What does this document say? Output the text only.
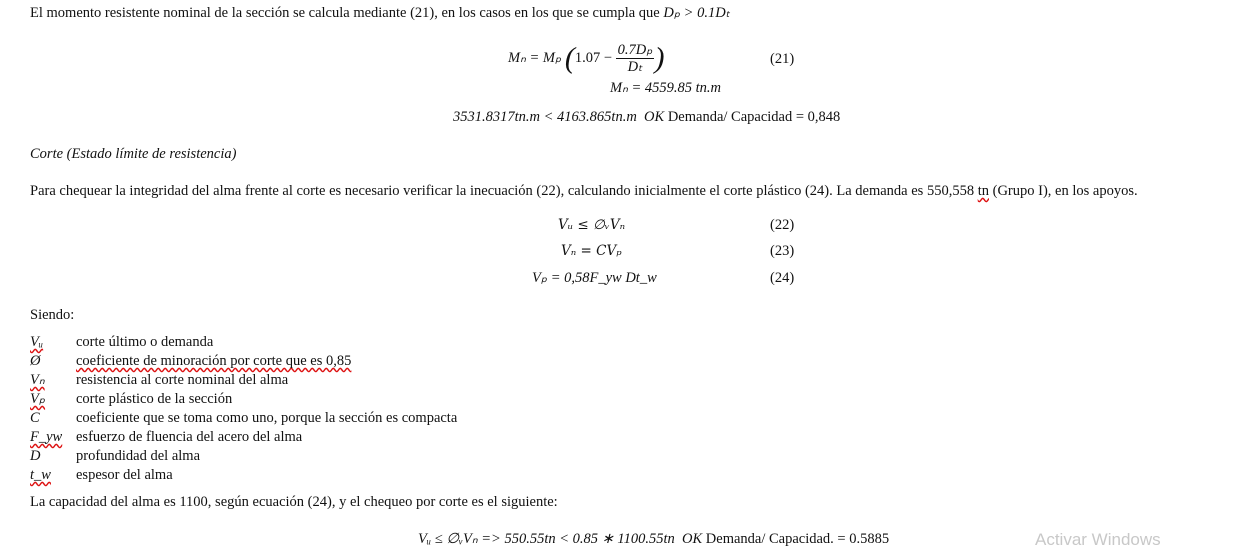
El momento resistente nominal de la sección se calcula mediante (21), en los casos en los que se cumpla que Dₚ > 0.1Dₜ
Mₙ = Mₚ ($1.07 - \frac{\text{0.7Dₚ}}{\text{Dₜ}}$ )	(21)
Mₙ = 4559.85 tn.m
3531.8317tn.m < 4163.865tn.m OK Demanda/ Capacidad = 0,848
Corte (Estado límite de resistencia)
Para chequear la integridad del alma frente al corte es necesario verificar la inecuación (22), calculando inicialmente el corte plástico (24). La demanda es 550,558 tn (Grupo I), en los apoyos.
Vᵤ ≤ ∅ᵥVₙ	(22)
Vₙ = CVₚ	(23)
Vₚ = 0,58F_yw Dt_w	(24)
Siendo:
Vᵤ	corte último o demanda
Ø	coeficiente de minoración por corte que es 0,85
Vₙ	resistencia al corte nominal del alma
Vₚ	corte plástico de la sección
C	coeficiente que se toma como uno, porque la sección es compacta
F_yw esfuerzo de fluencia del acero del alma
D	profundidad del alma
t_w	espesor del alma
La capacidad del alma es 1100, según ecuación (24), y el chequeo por corte es el siguiente:
Vᵤ ≤ ∅ᵥVₙ => 550.55tn < 0.85 ∗ 1100.55tn OK Demanda/ Capacidad. = 0.5885	Activar Windows
